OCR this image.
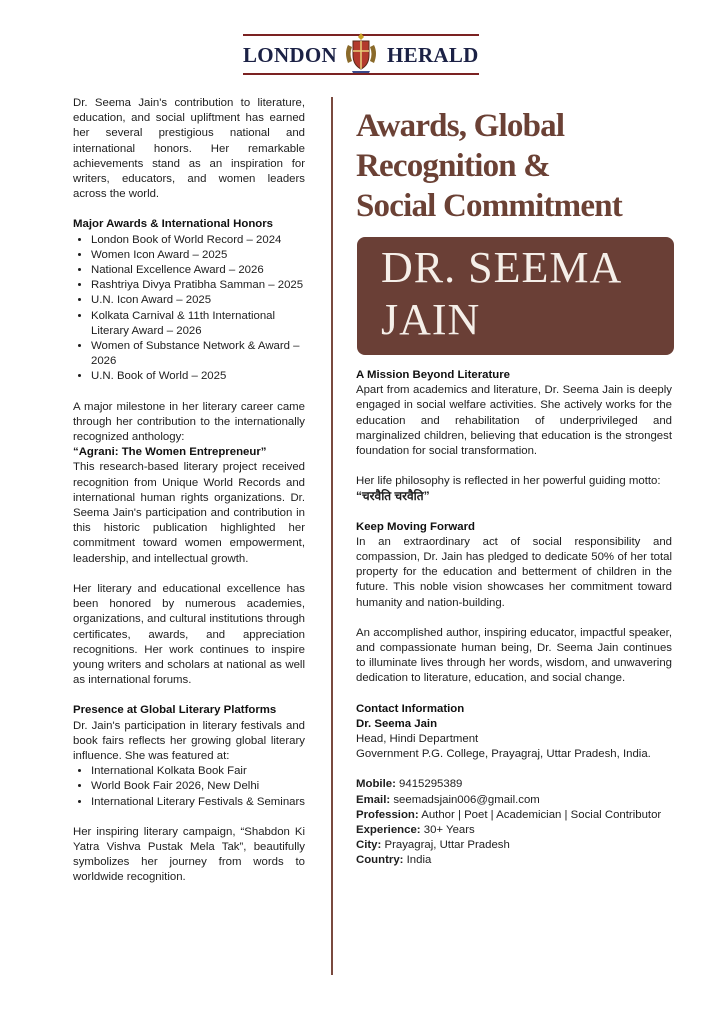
LONDON HERALD

Dr. Seema Jain's contribution to literature, education, and social upliftment has earned her several prestigious national and international honors. Her remarkable achievements stand as an inspiration for writers, educators, and women leaders across the world.

Major Awards & International Honors

• London Book of World Record – 2024
• Women Icon Award – 2025
• National Excellence Award – 2026
• Rashtriya Divya Pratibha Samman – 2025
• U.N. Icon Award – 2025
• Kolkata Carnival & 11th International Literary Award – 2026
• Women of Substance Network & Award – 2026
• U.N. Book of World – 2025

A major milestone in her literary career came through her contribution to the internationally recognized anthology:

“Agrani: The Women Entrepreneur”

This research-based literary project received recognition from Unique World Records and international human rights organizations. Dr. Seema Jain's participation and contribution in this historic publication highlighted her commitment toward women empowerment, leadership, and intellectual growth.

Her literary and educational excellence has been honored by numerous academies, organizations, and cultural institutions through certificates, awards, and appreciation recognitions. Her work continues to inspire young writers and scholars at national as well as international forums.

Presence at Global Literary Platforms

Dr. Jain's participation in literary festivals and book fairs reflects her growing global literary influence. She was featured at:

• International Kolkata Book Fair
• World Book Fair 2026, New Delhi
• International Literary Festivals & Seminars

Her inspiring literary campaign, “Shabdon Ki Yatra Vishva Pustak Mela Tak”, beautifully symbolizes her journey from words to worldwide recognition.

Awards, Global
Recognition &
Social Commitment
DR. SEEMA
JAIN

A Mission Beyond Literature

Apart from academics and literature, Dr. Seema Jain is deeply engaged in social welfare activities. She actively works for the education and rehabilitation of underprivileged and marginalized children, believing that education is the strongest foundation for social transformation.

Her life philosophy is reflected in her powerful guiding motto:

“चरवैति चरवैति”

Keep Moving Forward

In an extraordinary act of social responsibility and compassion, Dr. Jain has pledged to dedicate 50% of her total property for the education and betterment of children in the future. This noble vision showcases her commitment toward humanity and nation-building.

An accomplished author, inspiring educator, impactful speaker, and compassionate human being, Dr. Seema Jain continues to illuminate lives through her words, wisdom, and unwavering dedication to literature, education, and social change.

Contact Information

Dr. Seema Jain

Head, Hindi Department

Government P.G. College, Prayagraj, Uttar Pradesh, India.

Mobile: 9415295389

Email: seemadsjain006@gmail.com

Profession: Author | Poet | Academician | Social Contributor

Experience: 30+ Years

City: Prayagraj, Uttar Pradesh

Country: India
